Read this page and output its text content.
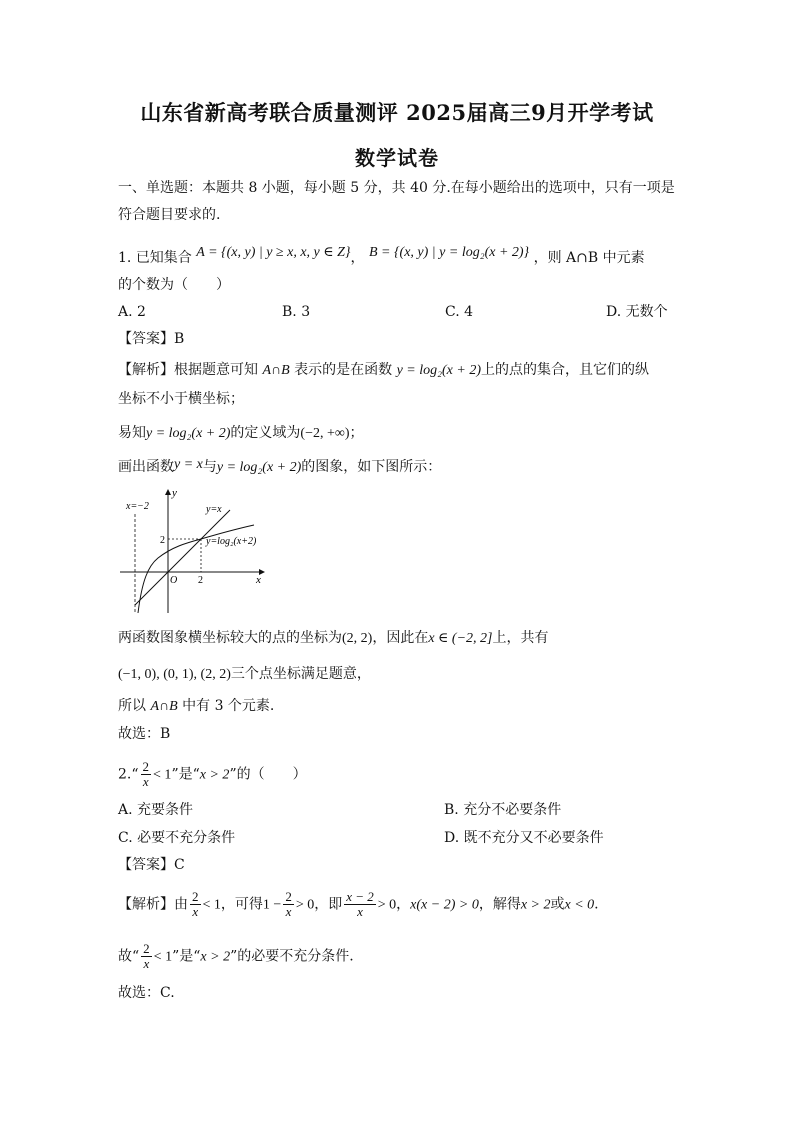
山东省新高考联合质量测评 2025届高三9月开学考试
数学试卷
一、单选题：本题共 8 小题，每小题 5 分，共 40 分.在每小题给出的选项中，只有一项是
符合题目要求的.
1. 已知集合 A = {(x, y) | y ≥ x, x, y ∈ Z}， B = {(x, y) | y = log₂(x + 2)} ，则 A∩B 中元素
的个数为（　　）
A. 2	B. 3	C. 4	D. 无数个
【答案】B
【解析】根据题意可知 A∩B 表示的是在函数 y = log₂(x + 2)上的点的集合，且它们的纵
坐标不小于横坐标；
易知y = log₂(x + 2)的定义域为(−2, +∞)；
画出函数y = x与y = log₂(x + 2)的图象，如下图所示：
x=−2	y=x
y=log₂(x+2)
y
x
O
2
2
两函数图象横坐标较大的点的坐标为(2, 2)，因此在x ∈ (−2, 2]上，共有
(−1, 0), (0, 1), (2, 2)三个点坐标满足题意，
所以 A∩B 中有 3 个元素.
故选：B
2.“ $\frac{2}{x} < 1$”是“x > 2”的（　　）
A. 充要条件	B. 充分不必要条件
C. 必要不充分条件	D. 既不充分又不必要条件
【答案】C
【解析】由 $\frac{2}{x} < 1$，可得$1 - \frac{2}{x} > 0$，即 $\frac{x - 2}{x} > 0$，x(x − 2) > 0，解得x > 2或x < 0.
故“ $\frac{2}{x} < 1$”是“x > 2”的必要不充分条件.
故选：C.
